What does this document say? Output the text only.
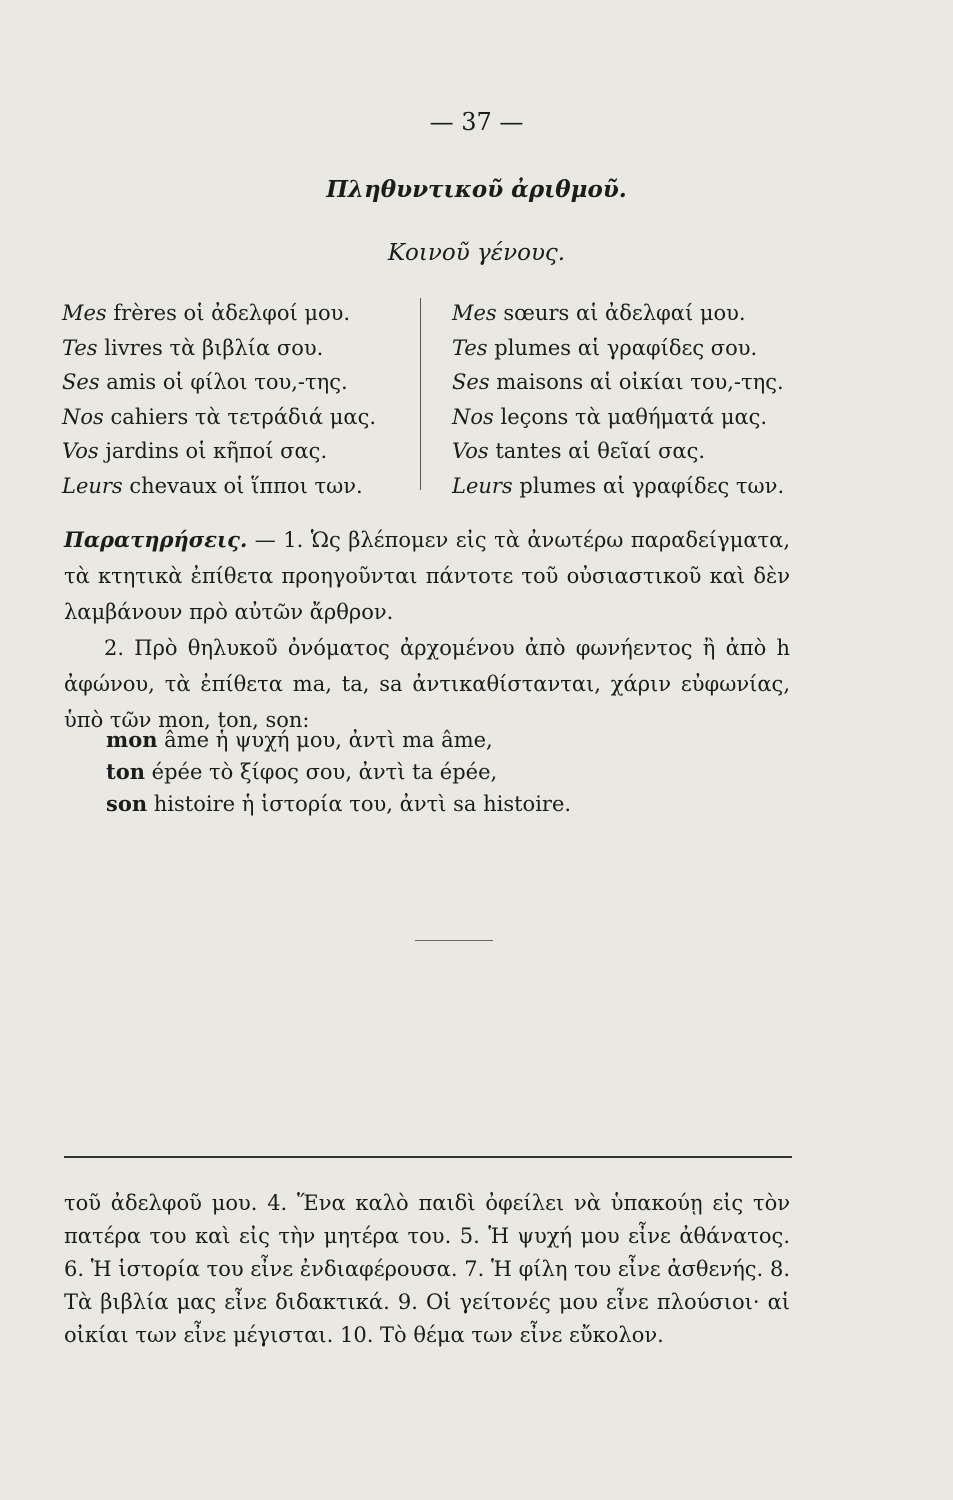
— 37 —
Πληθυντικοῦ ἀριθμοῦ.
Κοινοῦ γένους.
Mes frères οἱ ἀδελφοί μου.
Tes livres τὰ βιβλία σου.
Ses amis οἱ φίλοι του,-της.
Nos cahiers τὰ τετράδιά μας.
Vos jardins οἱ κῆποί σας.
Leurs chevaux οἱ ἵπποι των.
Mes sœurs αἱ ἀδελφαί μου.
Tes plumes αἱ γραφίδες σου.
Ses maisons αἱ οἰκίαι του,-της.
Nos leçons τὰ μαθήματά μας.
Vos tantes αἱ θεῖαί σας.
Leurs plumes αἱ γραφίδες των.

Παρατηρήσεις. — 1. Ὡς βλέπομεν εἰς τὰ ἀνωτέρω παραδείγματα, τὰ κτητικὰ ἐπίθετα προηγοῦνται πάντοτε τοῦ οὐσιαστικοῦ καὶ δὲν λαμβάνουν πρὸ αὐτῶν ἄρθρον.

2. Πρὸ θηλυκοῦ ὀνόματος ἀρχομένου ἀπὸ φωνήεντος ἢ ἀπὸ h ἀφώνου, τὰ ἐπίθετα ma, ta, sa ἀντικαθίστανται, χάριν εὐφωνίας, ὑπὸ τῶν mon, ton, son:

mon âme ἡ ψυχή μου, ἀντὶ ma âme,
ton épée τὸ ξίφος σου, ἀντὶ ta épée,
son histoire ἡ ἱστορία του, ἀντὶ sa histoire.
τοῦ ἀδελφοῦ μου. 4. Ἕνα καλὸ παιδὶ ὀφείλει νὰ ὑπακούῃ εἰς τὸν πατέρα του καὶ εἰς τὴν μητέρα του. 5. Ἡ ψυχή μου εἶνε ἀθάνατος. 6. Ἡ ἱστορία του εἶνε ἐνδιαφέρουσα. 7. Ἡ φίλη του εἶνε ἀσθενής. 8. Τὰ βιβλία μας εἶνε διδακτικά. 9. Οἱ γείτονές μου εἶνε πλούσιοι· αἱ οἰκίαι των εἶνε μέγισται. 10. Τὸ θέμα των εἶνε εὔκολον.
